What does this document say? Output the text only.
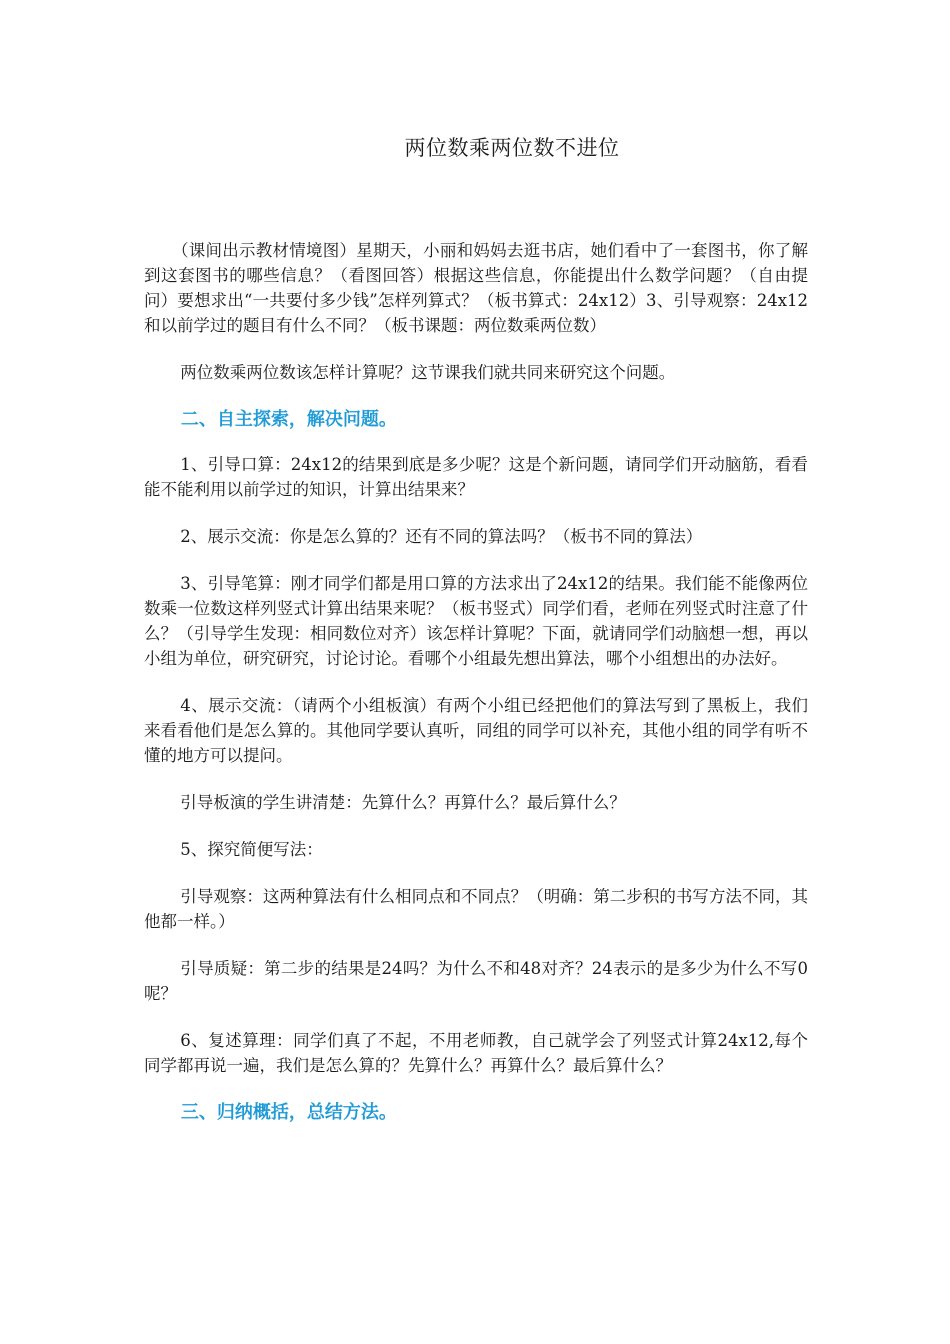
两位数乘两位数不进位

（课间出示教材情境图）星期天，小丽和妈妈去逛书店，她们看中了一套图书，你了解到这套图书的哪些信息？（看图回答）根据这些信息，你能提出什么数学问题？（自由提问）要想求出“一共要付多少钱”怎样列算式？（板书算式：24x12）3、引导观察：24x12和以前学过的题目有什么不同？（板书课题：两位数乘两位数）

两位数乘两位数该怎样计算呢？这节课我们就共同来研究这个问题。

二、自主探索，解决问题。

1、引导口算：24x12的结果到底是多少呢？这是个新问题，请同学们开动脑筋，看看能不能利用以前学过的知识，计算出结果来？

2、展示交流：你是怎么算的？还有不同的算法吗？（板书不同的算法）

3、引导笔算：刚才同学们都是用口算的方法求出了24x12的结果。我们能不能像两位数乘一位数这样列竖式计算出结果来呢？（板书竖式）同学们看，老师在列竖式时注意了什么？（引导学生发现：相同数位对齐）该怎样计算呢？下面，就请同学们动脑想一想，再以小组为单位，研究研究，讨论讨论。看哪个小组最先想出算法，哪个小组想出的办法好。

4、展示交流：（请两个小组板演）有两个小组已经把他们的算法写到了黑板上，我们来看看他们是怎么算的。其他同学要认真听，同组的同学可以补充，其他小组的同学有听不懂的地方可以提问。

引导板演的学生讲清楚：先算什么？再算什么？最后算什么？

5、探究简便写法：

引导观察：这两种算法有什么相同点和不同点？（明确：第二步积的书写方法不同，其他都一样。）

引导质疑：第二步的结果是24吗？为什么不和48对齐？24表示的是多少为什么不写0呢？

6、复述算理：同学们真了不起，不用老师教，自己就学会了列竖式计算24x12,每个同学都再说一遍，我们是怎么算的？先算什么？再算什么？最后算什么？

三、归纳概括，总结方法。
